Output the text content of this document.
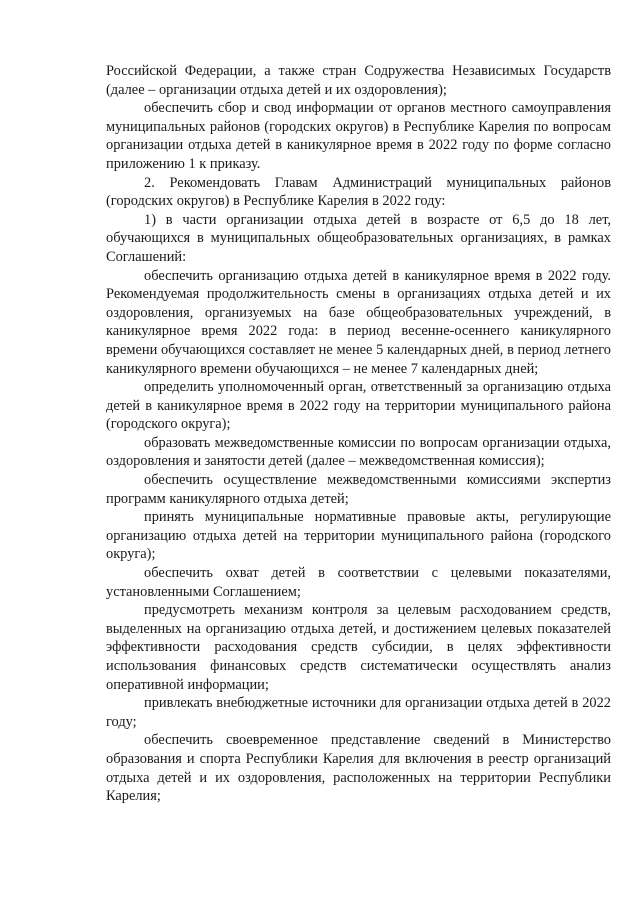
Российской Федерации, а также стран Содружества Независимых Государств (далее – организации отдыха детей и их оздоровления);

обеспечить сбор и свод информации от органов местного самоуправления муниципальных районов (городских округов) в Республике Карелия по вопросам организации отдыха детей в каникулярное время в 2022 году по форме согласно приложению 1 к приказу.

2. Рекомендовать Главам Администраций муниципальных районов (городских округов) в Республике Карелия в 2022 году:

1) в части организации отдыха детей в возрасте от 6,5 до 18 лет, обучающихся в муниципальных общеобразовательных организациях, в рамках Соглашений:

обеспечить организацию отдыха детей в каникулярное время в 2022 году. Рекомендуемая продолжительность смены в организациях отдыха детей и их оздоровления, организуемых на базе общеобразовательных учреждений, в каникулярное время 2022 года: в период весенне-осеннего каникулярного времени обучающихся составляет не менее 5 календарных дней, в период летнего каникулярного времени обучающихся – не менее 7 календарных дней;

определить уполномоченный орган, ответственный за организацию отдыха детей в каникулярное время в 2022 году на территории муниципального района (городского округа);

образовать межведомственные комиссии по вопросам организации отдыха, оздоровления и занятости детей (далее – межведомственная комиссия);

обеспечить осуществление межведомственными комиссиями экспертиз программ каникулярного отдыха детей;

принять муниципальные нормативные правовые акты, регулирующие организацию отдыха детей на территории муниципального района (городского округа);

обеспечить охват детей в соответствии с целевыми показателями, установленными Соглашением;

предусмотреть механизм контроля за целевым расходованием средств, выделенных на организацию отдыха детей, и достижением целевых показателей эффективности расходования средств субсидии, в целях эффективности использования финансовых средств систематически осуществлять анализ оперативной информации;

привлекать внебюджетные источники для организации отдыха детей в 2022 году;

обеспечить своевременное представление сведений в Министерство образования и спорта Республики Карелия для включения в реестр организаций отдыха детей и их оздоровления, расположенных на территории Республики Карелия;
